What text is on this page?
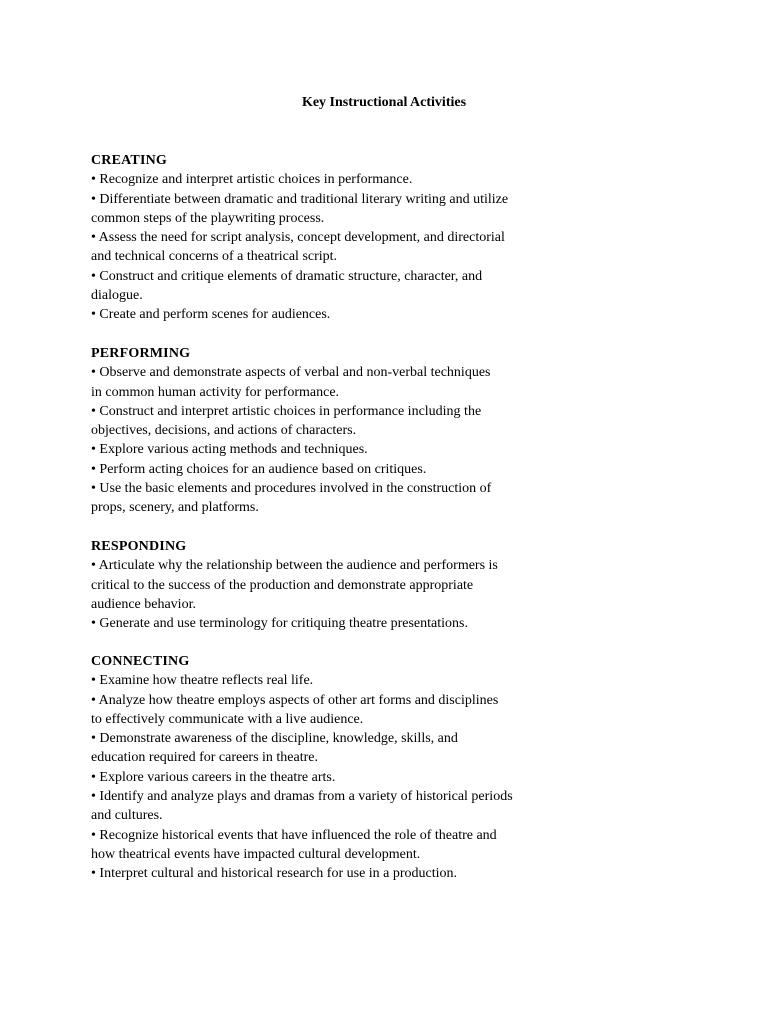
Key Instructional Activities
CREATING
• Recognize and interpret artistic choices in performance.
• Differentiate between dramatic and traditional literary writing and utilize
common steps of the playwriting process.
• Assess the need for script analysis, concept development, and directorial
and technical concerns of a theatrical script.
• Construct and critique elements of dramatic structure, character, and
dialogue.
• Create and perform scenes for audiences.
PERFORMING
• Observe and demonstrate aspects of verbal and non-verbal techniques
in common human activity for performance.
• Construct and interpret artistic choices in performance including the
objectives, decisions, and actions of characters.
• Explore various acting methods and techniques.
• Perform acting choices for an audience based on critiques.
• Use the basic elements and procedures involved in the construction of
props, scenery, and platforms.
RESPONDING
• Articulate why the relationship between the audience and performers is
critical to the success of the production and demonstrate appropriate
audience behavior.
• Generate and use terminology for critiquing theatre presentations.
CONNECTING
• Examine how theatre reflects real life.
• Analyze how theatre employs aspects of other art forms and disciplines
to effectively communicate with a live audience.
• Demonstrate awareness of the discipline, knowledge, skills, and
education required for careers in theatre.
• Explore various careers in the theatre arts.
• Identify and analyze plays and dramas from a variety of historical periods
and cultures.
• Recognize historical events that have influenced the role of theatre and
how theatrical events have impacted cultural development.
• Interpret cultural and historical research for use in a production.
